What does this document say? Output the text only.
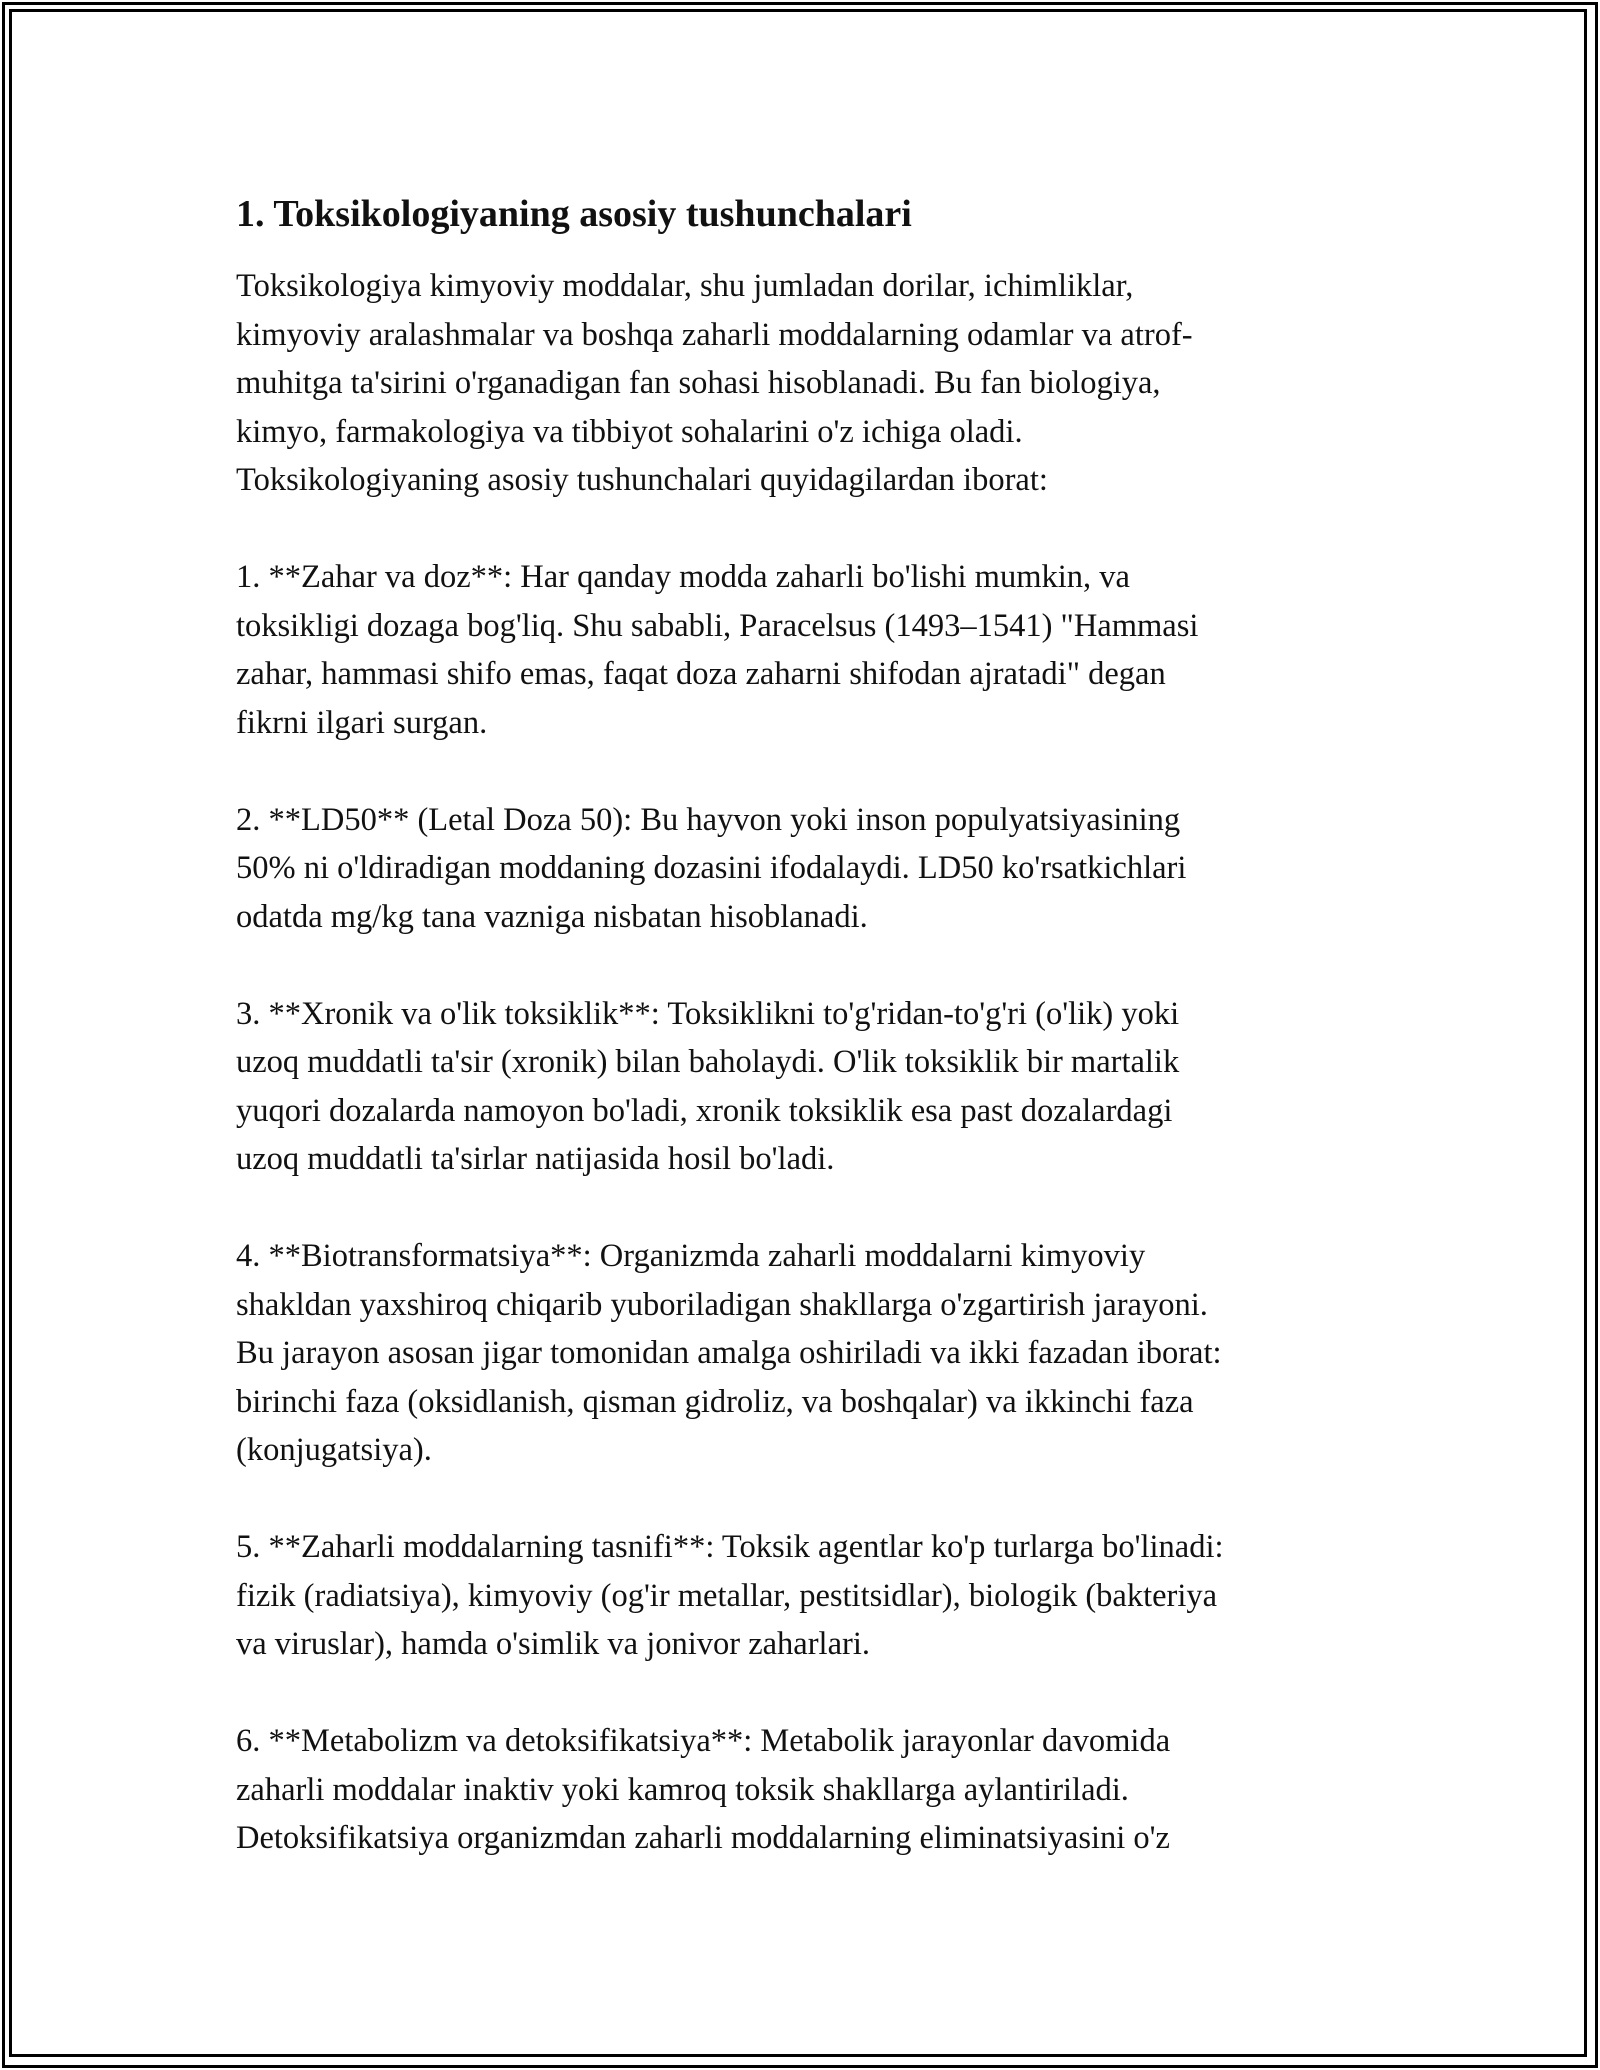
1. Toksikologiyaning asosiy tushunchalari
Toksikologiya kimyoviy moddalar, shu jumladan dorilar, ichimliklar,
kimyoviy aralashmalar va boshqa zaharli moddalarning odamlar va atrof-
muhitga ta'sirini o'rganadigan fan sohasi hisoblanadi. Bu fan biologiya,
kimyo, farmakologiya va tibbiyot sohalarini o'z ichiga oladi.
Toksikologiyaning asosiy tushunchalari quyidagilardan iborat:
1. **Zahar va doz**: Har qanday modda zaharli bo'lishi mumkin, va
toksikligi dozaga bog'liq. Shu sababli, Paracelsus (1493–1541) "Hammasi
zahar, hammasi shifo emas, faqat doza zaharni shifodan ajratadi" degan
fikrni ilgari surgan.
2. **LD50** (Letal Doza 50): Bu hayvon yoki inson populyatsiyasining
50% ni o'ldiradigan moddaning dozasini ifodalaydi. LD50 ko'rsatkichlari
odatda mg/kg tana vazniga nisbatan hisoblanadi.
3. **Xronik va o'lik toksiklik**: Toksiklikni to'g'ridan-to'g'ri (o'lik) yoki
uzoq muddatli ta'sir (xronik) bilan baholaydi. O'lik toksiklik bir martalik
yuqori dozalarda namoyon bo'ladi, xronik toksiklik esa past dozalardagi
uzoq muddatli ta'sirlar natijasida hosil bo'ladi.
4. **Biotransformatsiya**: Organizmda zaharli moddalarni kimyoviy
shakldan yaxshiroq chiqarib yuboriladigan shakllarga o'zgartirish jarayoni.
Bu jarayon asosan jigar tomonidan amalga oshiriladi va ikki fazadan iborat:
birinchi faza (oksidlanish, qisman gidroliz, va boshqalar) va ikkinchi faza
(konjugatsiya).
5. **Zaharli moddalarning tasnifi**: Toksik agentlar ko'p turlarga bo'linadi:
fizik (radiatsiya), kimyoviy (og'ir metallar, pestitsidlar), biologik (bakteriya
va viruslar), hamda o'simlik va jonivor zaharlari.
6. **Metabolizm va detoksifikatsiya**: Metabolik jarayonlar davomida
zaharli moddalar inaktiv yoki kamroq toksik shakllarga aylantiriladi.
Detoksifikatsiya organizmdan zaharli moddalarning eliminatsiyasini o'z
